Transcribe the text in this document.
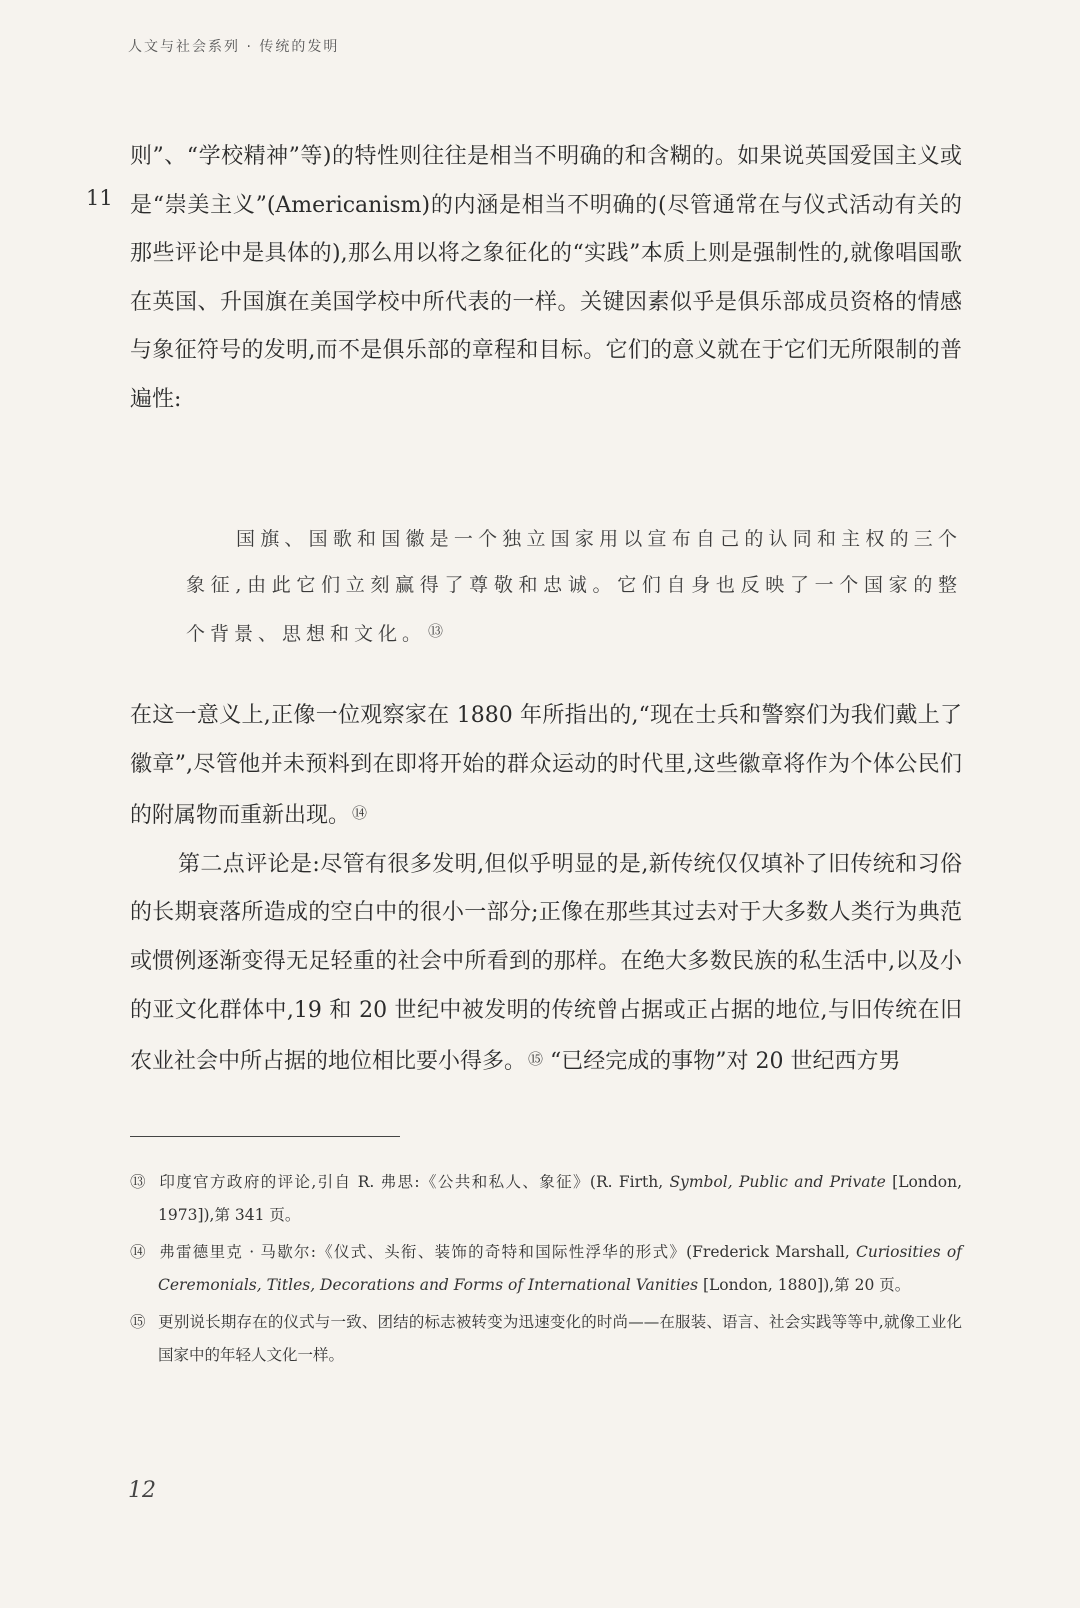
人文与社会系列 · 传统的发明
11

则”、“学校精神”等)的特性则往往是相当不明确的和含糊的。如果说英国爱国主义或是“崇美主义”(Americanism)的内涵是相当不明确的(尽管通常在与仪式活动有关的那些评论中是具体的),那么用以将之象征化的“实践”本质上则是强制性的,就像唱国歌在英国、升国旗在美国学校中所代表的一样。关键因素似乎是俱乐部成员资格的情感与象征符号的发明,而不是俱乐部的章程和目标。它们的意义就在于它们无所限制的普遍性:

国旗、国歌和国徽是一个独立国家用以宣布自己的认同和主权的三个象征,由此它们立刻赢得了尊敬和忠诚。它们自身也反映了一个国家的整个背景、思想和文化。 ⑬

在这一意义上,正像一位观察家在 1880 年所指出的,“现在士兵和警察们为我们戴上了徽章”,尽管他并未预料到在即将开始的群众运动的时代里,这些徽章将作为个体公民们的附属物而重新出现。 ⑭

第二点评论是:尽管有很多发明,但似乎明显的是,新传统仅仅填补了旧传统和习俗的长期衰落所造成的空白中的很小一部分;正像在那些其过去对于大多数人类行为典范或惯例逐渐变得无足轻重的社会中所看到的那样。在绝大多数民族的私生活中,以及小的亚文化群体中,19 和 20 世纪中被发明的传统曾占据或正占据的地位,与旧传统在旧农业社会中所占据的地位相比要小得多。 ⑮ “已经完成的事物”对 20 世纪西方男

⑬ 印度官方政府的评论,引自 R. 弗思:《公共和私人、象征》(R. Firth, Symbol, Public and Private [London, 1973]),第 341 页。

⑭ 弗雷德里克 · 马歇尔:《仪式、头衔、装饰的奇特和国际性浮华的形式》(Frederick Marshall, Curiosities of Ceremonials, Titles, Decorations and Forms of International Vanities [London, 1880]),第 20 页。

⑮ 更别说长期存在的仪式与一致、团结的标志被转变为迅速变化的时尚——在服装、语言、社会实践等等中,就像工业化国家中的年轻人文化一样。

12
